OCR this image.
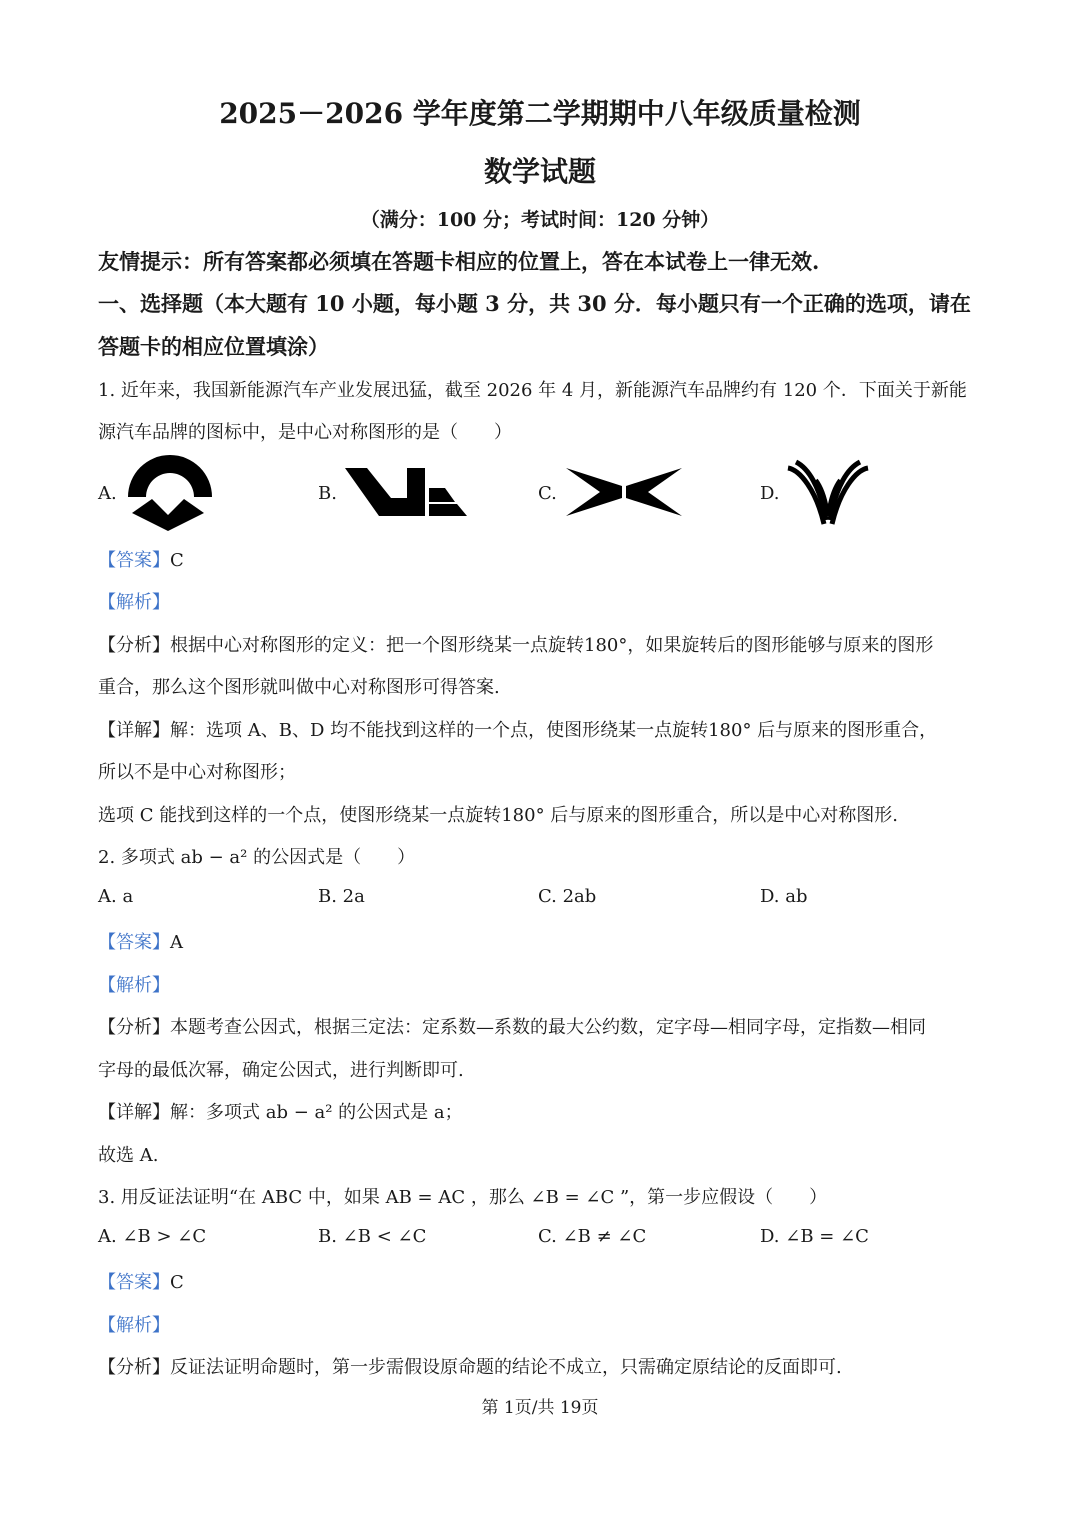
2025－2026 学年度第二学期期中八年级质量检测
数学试题
（满分：100 分；考试时间：120 分钟）
友情提示：所有答案都必须填在答题卡相应的位置上，答在本试卷上一律无效.
一、选择题（本大题有 10 小题，每小题 3 分，共 30 分．每小题只有一个正确的选项，请在
答题卡的相应位置填涂）
1. 近年来，我国新能源汽车产业发展迅猛，截至 2026 年 4 月，新能源汽车品牌约有 120 个．下面关于新能
源汽车品牌的图标中，是中心对称图形的是（　　）
A.	B.	C.	D.
【答案】C
【解析】
【分析】根据中心对称图形的定义：把一个图形绕某一点旋转180°，如果旋转后的图形能够与原来的图形
重合，那么这个图形就叫做中心对称图形可得答案.
【详解】解：选项 A、B、D 均不能找到这样的一个点，使图形绕某一点旋转180° 后与原来的图形重合，
所以不是中心对称图形；
选项 C 能找到这样的一个点，使图形绕某一点旋转180° 后与原来的图形重合，所以是中心对称图形.
2. 多项式 ab − a² 的公因式是（　　）
A. a	B. 2a	C. 2ab	D. ab
【答案】A
【解析】
【分析】本题考查公因式，根据三定法：定系数—系数的最大公约数，定字母—相同字母，定指数—相同
字母的最低次幂，确定公因式，进行判断即可.
【详解】解：多项式 ab − a² 的公因式是 a；
故选 A.
3. 用反证法证明“在 ABC 中，如果 AB = AC ，那么 ∠B = ∠C ”，第一步应假设（　　）
A. ∠B > ∠C	B. ∠B < ∠C	C. ∠B ≠ ∠C	D. ∠B = ∠C
【答案】C
【解析】
【分析】反证法证明命题时，第一步需假设原命题的结论不成立，只需确定原结论的反面即可.
第 1页/共 19页
